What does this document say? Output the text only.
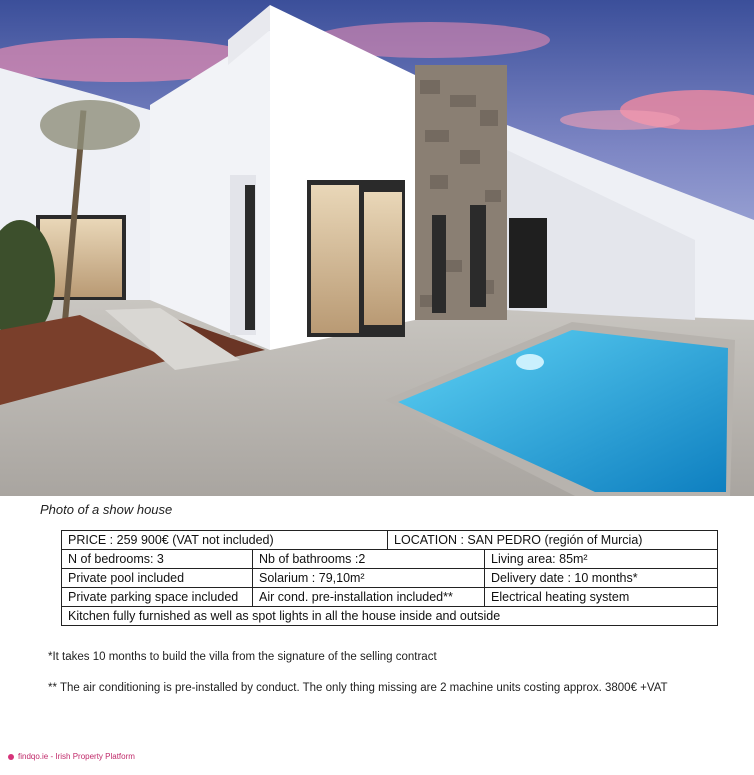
Photo of a show house
PRICE : 259 900€ (VAT not included)		LOCATION : SAN PEDRO (región of Murcia)	
N of bedrooms: 3	Nb of bathrooms :2		Living area: 85m²
Private pool included	Solarium : 79,10m²		Delivery date : 10 months*
Private parking space included	Air cond. pre-installation included**		Electrical heating system
Kitchen fully furnished as well as spot lights in all the house inside and outside			
*It takes 10 months to build the villa from the signature of the selling contract
** The air conditioning is pre-installed by conduct. The only thing missing are 2 machine units costing approx. 3800€ +VAT
findqo.ie - Irish Property Platform
